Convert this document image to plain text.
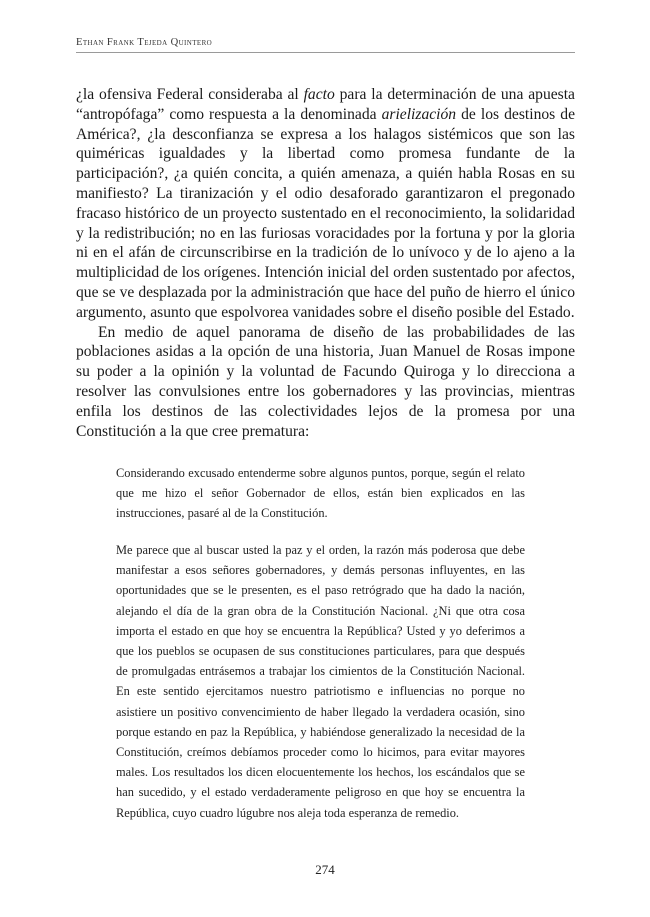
Ethan Frank Tejeda Quintero

¿la ofensiva Federal consideraba al facto para la determinación de una apuesta “antropófaga” como respuesta a la denominada arielización de los destinos de América?, ¿la desconfianza se expresa a los halagos sistémicos que son las quiméricas igualdades y la libertad como promesa fundante de la participación?, ¿a quién concita, a quién amenaza, a quién habla Rosas en su manifiesto? La tiranización y el odio desaforado garantizaron el pregonado fracaso histórico de un proyecto sustentado en el reconocimiento, la solidaridad y la redistribución; no en las furiosas voracidades por la fortuna y por la gloria ni en el afán de circunscribirse en la tradición de lo unívoco y de lo ajeno a la multiplicidad de los orígenes. Intención inicial del orden sustentado por afectos, que se ve desplazada por la administración que hace del puño de hierro el único argumento, asunto que espolvorea vanidades sobre el diseño posible del Estado.

En medio de aquel panorama de diseño de las probabilidades de las poblaciones asidas a la opción de una historia, Juan Manuel de Rosas impone su poder a la opinión y la voluntad de Facundo Quiroga y lo direcciona a resolver las convulsiones entre los gobernadores y las provincias, mientras enfila los destinos de las colectividades lejos de la promesa por una Constitución a la que cree prematura:

Considerando excusado entenderme sobre algunos puntos, porque, según el relato que me hizo el señor Gobernador de ellos, están bien explicados en las instrucciones, pasaré al de la Constitución.

Me parece que al buscar usted la paz y el orden, la razón más poderosa que debe manifestar a esos señores gobernadores, y demás personas influyentes, en las oportunidades que se le presenten, es el paso retrógrado que ha dado la nación, alejando el día de la gran obra de la Constitución Nacional. ¿Ni que otra cosa importa el estado en que hoy se encuentra la República? Usted y yo deferimos a que los pueblos se ocupasen de sus constituciones particulares, para que después de promulgadas entrásemos a trabajar los cimientos de la Constitución Nacional. En este sentido ejercitamos nuestro patriotismo e influencias no porque no asistiere un positivo convencimiento de haber llegado la verdadera ocasión, sino porque estando en paz la República, y habiéndose generalizado la necesidad de la Constitución, creímos debíamos proceder como lo hicimos, para evitar mayores males. Los resultados los dicen elocuentemente los hechos, los escándalos que se han sucedido, y el estado verdaderamente peligroso en que hoy se encuentra la República, cuyo cuadro lúgubre nos aleja toda esperanza de remedio.

274
